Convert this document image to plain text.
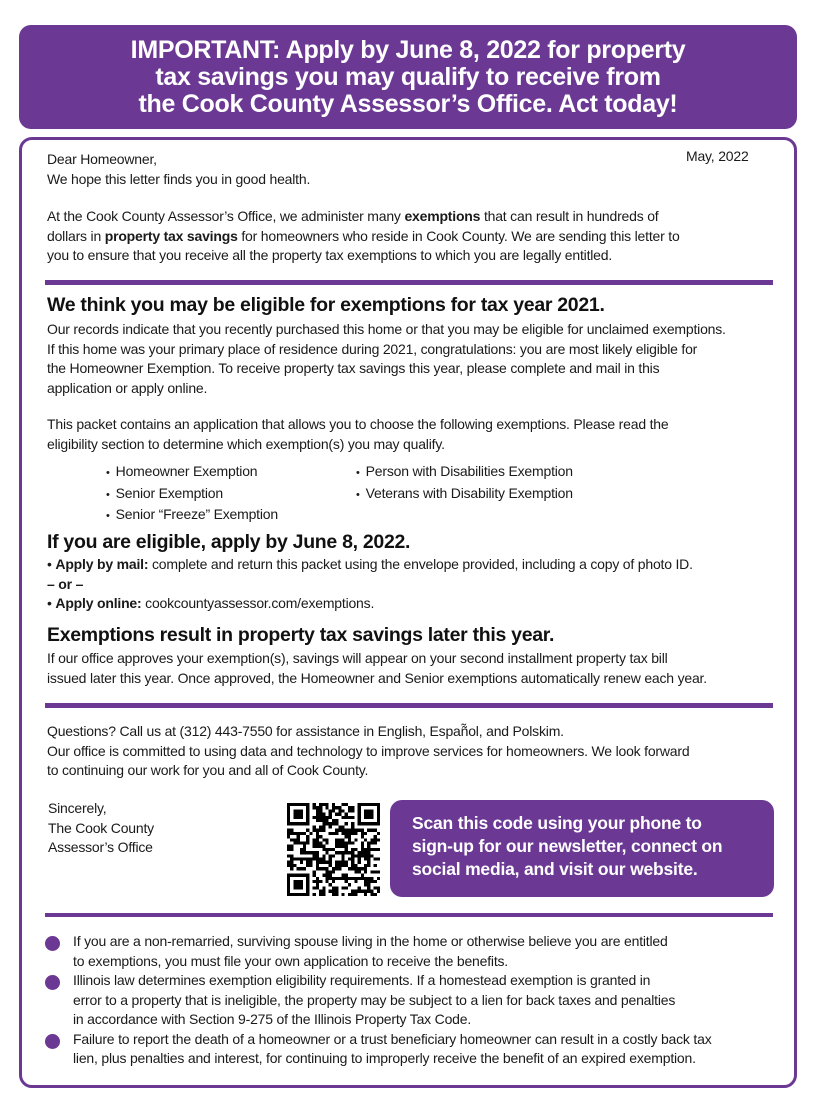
IMPORTANT: Apply by June 8, 2022 for property
tax savings you may qualify to receive from
the Cook County Assessor’s Office. Act today!
May, 2022
Dear Homeowner,
We hope this letter finds you in good health.
At the Cook County Assessor’s Office, we administer many exemptions that can result in hundreds of
dollars in property tax savings for homeowners who reside in Cook County. We are sending this letter to
you to ensure that you receive all the property tax exemptions to which you are legally entitled.
We think you may be eligible for exemptions for tax year 2021.
Our records indicate that you recently purchased this home or that you may be eligible for unclaimed exemptions.
If this home was your primary place of residence during 2021, congratulations: you are most likely eligible for
the Homeowner Exemption. To receive property tax savings this year, please complete and mail in this
application or apply online.
This packet contains an application that allows you to choose the following exemptions. Please read the
eligibility section to determine which exemption(s) you may qualify.
• Homeowner Exemption
• Senior Exemption
• Senior “Freeze” Exemption
• Person with Disabilities Exemption
• Veterans with Disability Exemption
If you are eligible, apply by June 8, 2022.
• Apply by mail: complete and return this packet using the envelope provided, including a copy of photo ID.
– or –
• Apply online: cookcountyassessor.com/exemptions.
Exemptions result in property tax savings later this year.
If our office approves your exemption(s), savings will appear on your second installment property tax bill
issued later this year. Once approved, the Homeowner and Senior exemptions automatically renew each year.
Questions? Call us at (312) 443-7550 for assistance in English, Españ̃ol, and Polskim.
Our office is committed to using data and technology to improve services for homeowners. We look forward
to continuing our work for you and all of Cook County.
Sincerely,
The Cook County
Assessor’s Office
Scan this code using your phone to
sign-up for our newsletter, connect on
social media, and visit our website.
If you are a non-remarried, surviving spouse living in the home or otherwise believe you are entitled
to exemptions, you must file your own application to receive the benefits.
Illinois law determines exemption eligibility requirements. If a homestead exemption is granted in
error to a property that is ineligible, the property may be subject to a lien for back taxes and penalties
in accordance with Section 9-275 of the Illinois Property Tax Code.
Failure to report the death of a homeowner or a trust beneficiary homeowner can result in a costly back tax
lien, plus penalties and interest, for continuing to improperly receive the benefit of an expired exemption.
